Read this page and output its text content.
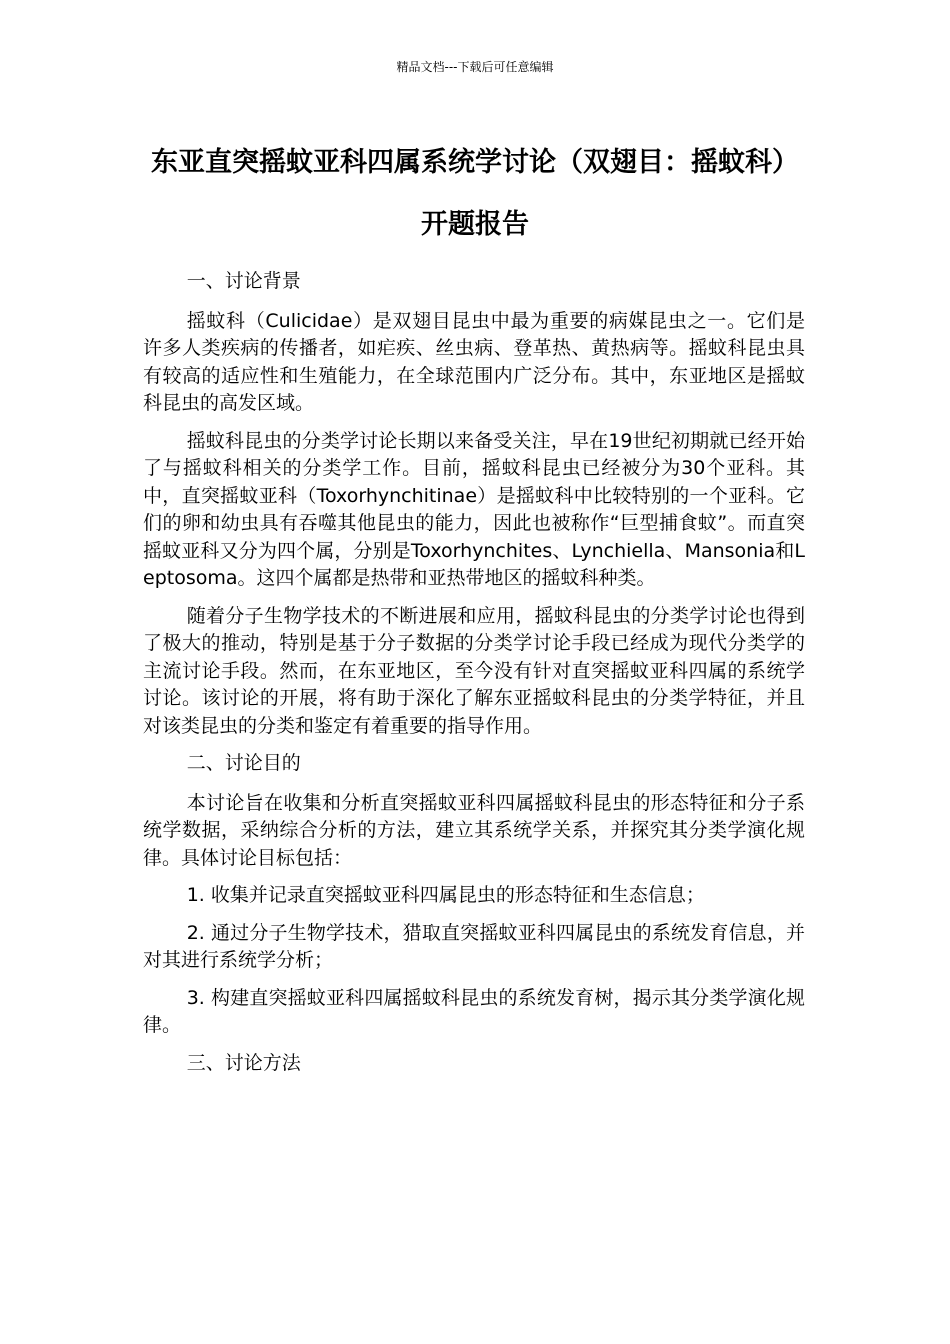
精品文档---下载后可任意编辑
东亚直突摇蚊亚科四属系统学讨论（双翅目：摇蚊科）开题报告

一、讨论背景

摇蚊科（Culicidae）是双翅目昆虫中最为重要的病媒昆虫之一。它们是许多人类疾病的传播者，如疟疾、丝虫病、登革热、黄热病等。摇蚊科昆虫具有较高的适应性和生殖能力，在全球范围内广泛分布。其中，东亚地区是摇蚊科昆虫的高发区域。

摇蚊科昆虫的分类学讨论长期以来备受关注，早在19世纪初期就已经开始了与摇蚊科相关的分类学工作。目前，摇蚊科昆虫已经被分为30个亚科。其中，直突摇蚊亚科（Toxorhynchitinae）是摇蚊科中比较特别的一个亚科。它们的卵和幼虫具有吞噬其他昆虫的能力，因此也被称作“巨型捕食蚊”。而直突摇蚊亚科又分为四个属，分别是Toxorhynchites、Lynchiella、Mansonia和Leptosoma。这四个属都是热带和亚热带地区的摇蚊科种类。

随着分子生物学技术的不断进展和应用，摇蚊科昆虫的分类学讨论也得到了极大的推动，特别是基于分子数据的分类学讨论手段已经成为现代分类学的主流讨论手段。然而，在东亚地区，至今没有针对直突摇蚊亚科四属的系统学讨论。该讨论的开展，将有助于深化了解东亚摇蚊科昆虫的分类学特征，并且对该类昆虫的分类和鉴定有着重要的指导作用。

二、讨论目的

本讨论旨在收集和分析直突摇蚊亚科四属摇蚊科昆虫的形态特征和分子系统学数据，采纳综合分析的方法，建立其系统学关系，并探究其分类学演化规律。具体讨论目标包括：

1. 收集并记录直突摇蚊亚科四属昆虫的形态特征和生态信息；

2. 通过分子生物学技术，猎取直突摇蚊亚科四属昆虫的系统发育信息，并对其进行系统学分析；

3. 构建直突摇蚊亚科四属摇蚊科昆虫的系统发育树，揭示其分类学演化规律。

三、讨论方法
